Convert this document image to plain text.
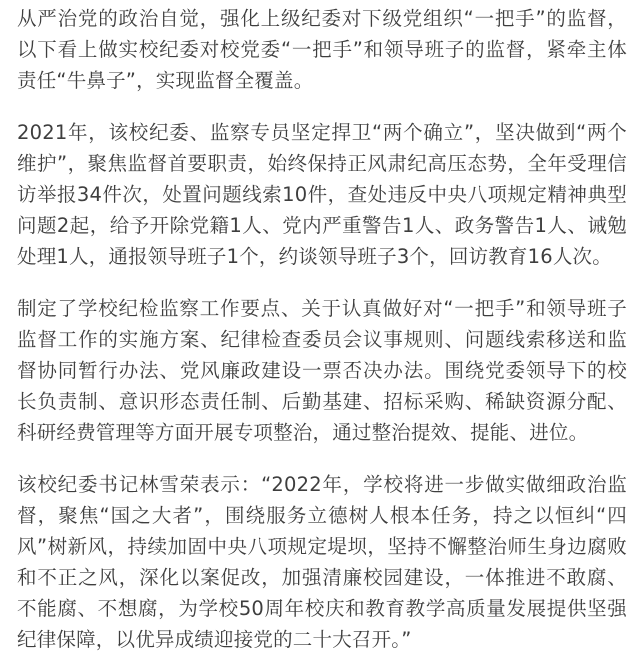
从严治党的政治自觉，强化上级纪委对下级党组织“一把手”的监督，以下看上做实校纪委对校党委“一把手”和领导班子的监督，紧牵主体责任“牛鼻子”，实现监督全覆盖。

2021年，该校纪委、监察专员坚定捍卫“两个确立”，坚决做到“两个维护”，聚焦监督首要职责，始终保持正风肃纪高压态势，全年受理信访举报34件次，处置问题线索10件，查处违反中央八项规定精神典型问题2起，给予开除党籍1人、党内严重警告1人、政务警告1人、诫勉处理1人，通报领导班子1个，约谈领导班子3个，回访教育16人次。

制定了学校纪检监察工作要点、关于认真做好对“一把手”和领导班子监督工作的实施方案、纪律检查委员会议事规则、问题线索移送和监督协同暂行办法、党风廉政建设一票否决办法。围绕党委领导下的校长负责制、意识形态责任制、后勤基建、招标采购、稀缺资源分配、科研经费管理等方面开展专项整治，通过整治提效、提能、进位。

该校纪委书记林雪荣表示：“2022年，学校将进一步做实做细政治监督，聚焦“国之大者”，围绕服务立德树人根本任务，持之以恒纠“四风”树新风，持续加固中央八项规定堤坝，坚持不懈整治师生身边腐败和不正之风，深化以案促改，加强清廉校园建设，一体推进不敢腐、不能腐、不想腐，为学校50周年校庆和教育教学高质量发展提供坚强纪律保障，以优异成绩迎接党的二十大召开。”
